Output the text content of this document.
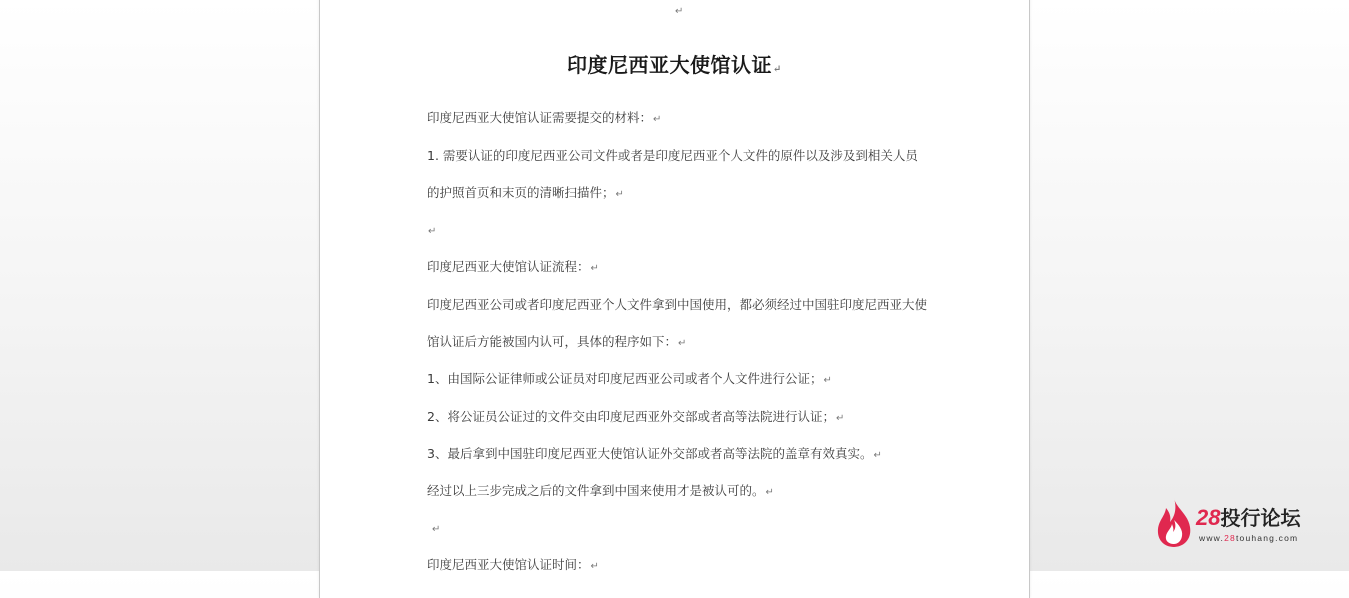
↵
印度尼西亚大使馆认证↵
印度尼西亚大使馆认证需要提交的材料：↵
1. 需要认证的印度尼西亚公司文件或者是印度尼西亚个人文件的原件以及涉及到相关人员
的护照首页和末页的清晰扫描件；↵
↵
印度尼西亚大使馆认证流程：↵
印度尼西亚公司或者印度尼西亚个人文件拿到中国使用，都必须经过中国驻印度尼西亚大使
馆认证后方能被国内认可，具体的程序如下：↵
1、由国际公证律师或公证员对印度尼西亚公司或者个人文件进行公证；↵
2、将公证员公证过的文件交由印度尼西亚外交部或者高等法院进行认证；↵
3、最后拿到中国驻印度尼西亚大使馆认证外交部或者高等法院的盖章有效真实。↵
经过以上三步完成之后的文件拿到中国来使用才是被认可的。↵
↵
印度尼西亚大使馆认证时间：↵
28投行论坛
www.28touhang.com
